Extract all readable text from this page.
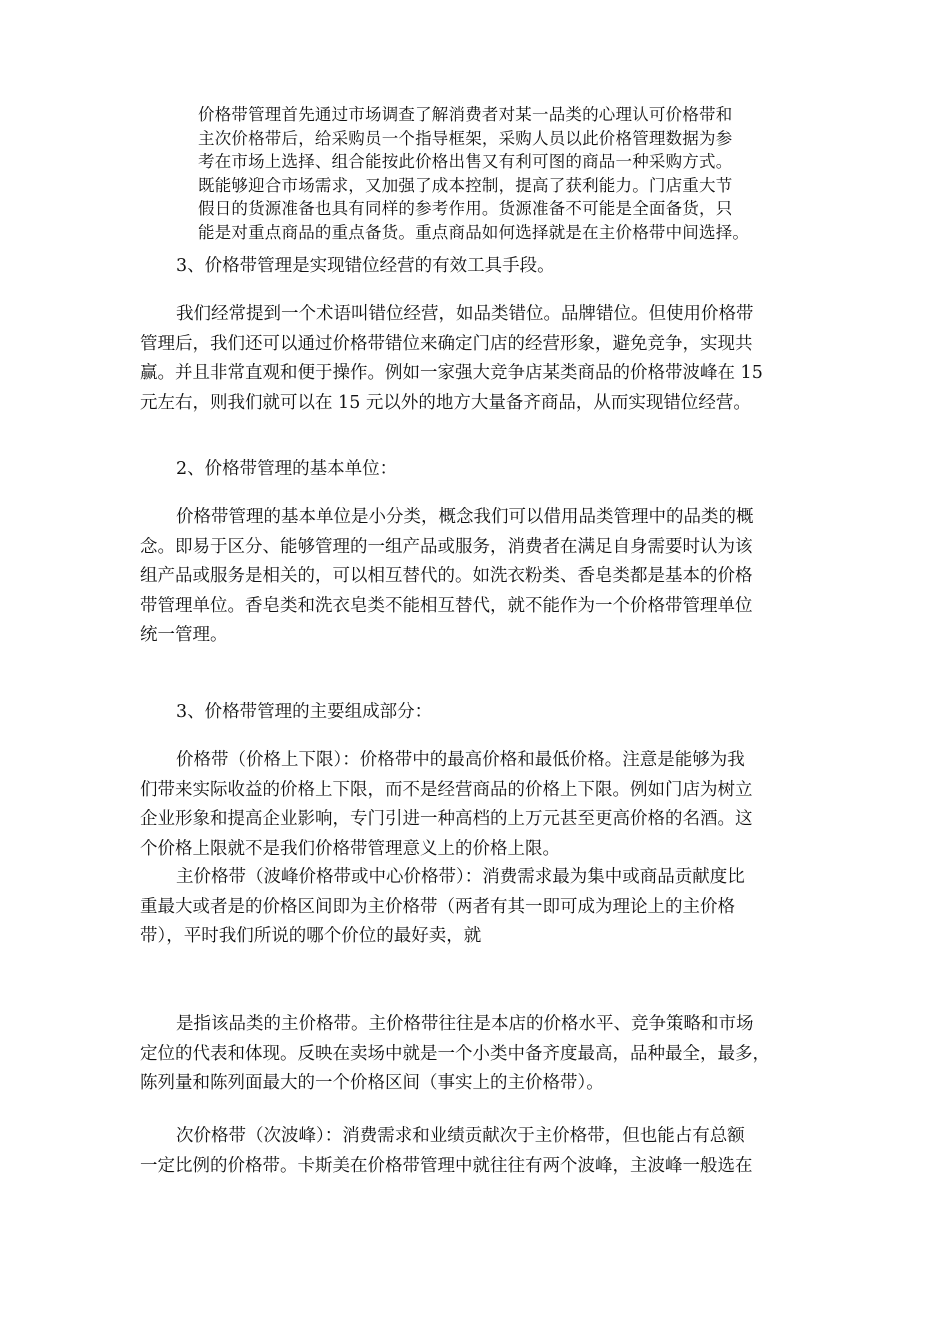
价格带管理首先通过市场调查了解消费者对某一品类的心理认可价格带和
主次价格带后，给采购员一个指导框架，采购人员以此价格管理数据为参
考在市场上选择、组合能按此价格出售又有利可图的商品一种采购方式。
既能够迎合市场需求，又加强了成本控制，提高了获利能力。门店重大节
假日的货源准备也具有同样的参考作用。货源准备不可能是全面备货，只
能是对重点商品的重点备货。重点商品如何选择就是在主价格带中间选择。
3、价格带管理是实现错位经营的有效工具手段。
我们经常提到一个术语叫错位经营，如品类错位。品牌错位。但使用价格带
管理后，我们还可以通过价格带错位来确定门店的经营形象，避免竞争，实现共
赢。并且非常直观和便于操作。例如一家强大竞争店某类商品的价格带波峰在 15
元左右，则我们就可以在 15 元以外的地方大量备齐商品，从而实现错位经营。
2、价格带管理的基本单位：
价格带管理的基本单位是小分类，概念我们可以借用品类管理中的品类的概
念。即易于区分、能够管理的一组产品或服务，消费者在满足自身需要时认为该
组产品或服务是相关的，可以相互替代的。如洗衣粉类、香皂类都是基本的价格
带管理单位。香皂类和洗衣皂类不能相互替代，就不能作为一个价格带管理单位
统一管理。
3、价格带管理的主要组成部分：
价格带（价格上下限）：价格带中的最高价格和最低价格。注意是能够为我
们带来实际收益的价格上下限，而不是经营商品的价格上下限。例如门店为树立
企业形象和提高企业影响，专门引进一种高档的上万元甚至更高价格的名酒。这
个价格上限就不是我们价格带管理意义上的价格上限。
主价格带（波峰价格带或中心价格带）：消费需求最为集中或商品贡献度比
重最大或者是的价格区间即为主价格带（两者有其一即可成为理论上的主价格
带），平时我们所说的哪个价位的最好卖，就
是指该品类的主价格带。主价格带往往是本店的价格水平、竞争策略和市场
定位的代表和体现。反映在卖场中就是一个小类中备齐度最高，品种最全，最多，
陈列量和陈列面最大的一个价格区间（事实上的主价格带）。
次价格带（次波峰）：消费需求和业绩贡献次于主价格带，但也能占有总额
一定比例的价格带。卡斯美在价格带管理中就往往有两个波峰，主波峰一般选在
